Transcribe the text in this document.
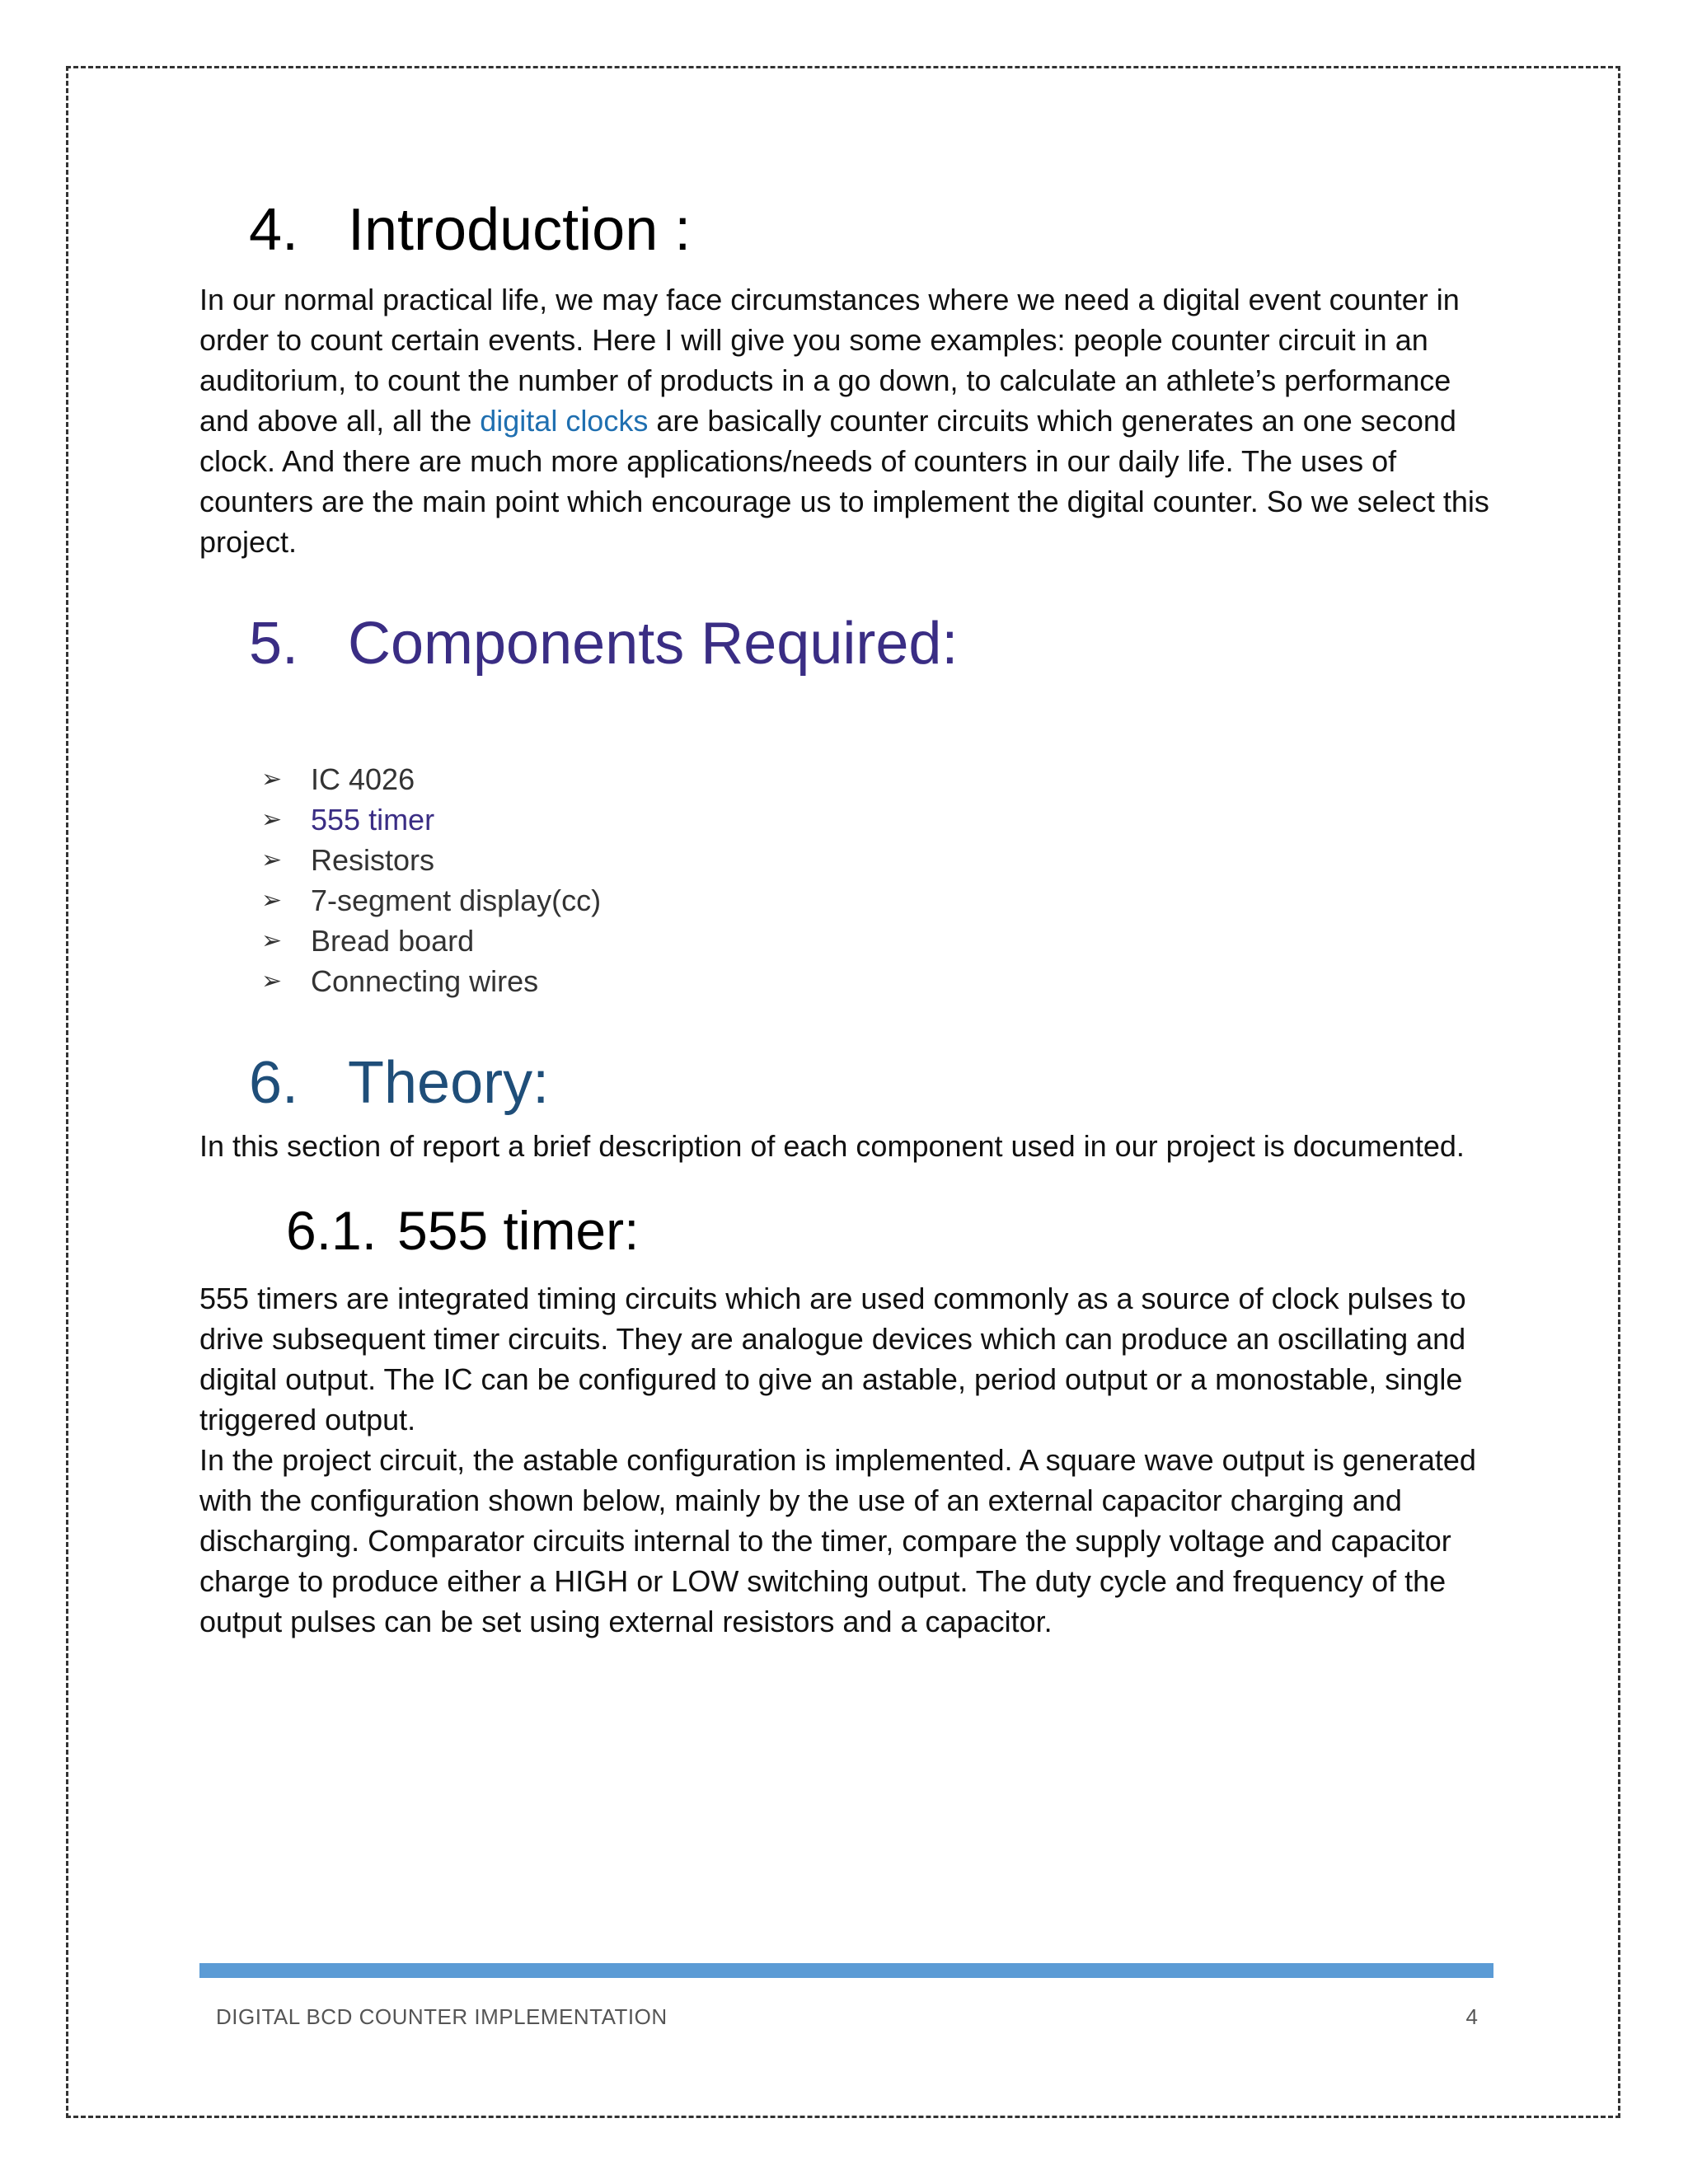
4. Introduction :

In our normal practical life, we may face circumstances where we need a digital event counter in order to count certain events. Here I will give you some examples: people counter circuit in an auditorium, to count the number of products in a go down, to calculate an athlete’s performance and above all, all the digital clocks are basically counter circuits which generates an one second clock. And there are much more applications/needs of counters in our daily life. The uses of counters are the main point which encourage us to implement the digital counter. So we select this project.

5. Components Required:
➢ IC 4026
➢ 555 timer
➢ Resistors
➢ 7-segment display(cc)
➢ Bread board
➢ Connecting wires
6. Theory:

In this section of report a brief description of each component used in our project is documented.

6.1. 555 timer:

555 timers are integrated timing circuits which are used commonly as a source of clock pulses to drive subsequent timer circuits. They are analogue devices which can produce an oscillating and digital output. The IC can be configured to give an astable, period output or a monostable, single triggered output.

In the project circuit, the astable configuration is implemented. A square wave output is generated with the configuration shown below, mainly by the use of an external capacitor charging and discharging. Comparator circuits internal to the timer, compare the supply voltage and capacitor charge to produce either a HIGH or LOW switching output. The duty cycle and frequency of the output pulses can be set using external resistors and a capacitor.

DIGITAL BCD COUNTER IMPLEMENTATION	4
